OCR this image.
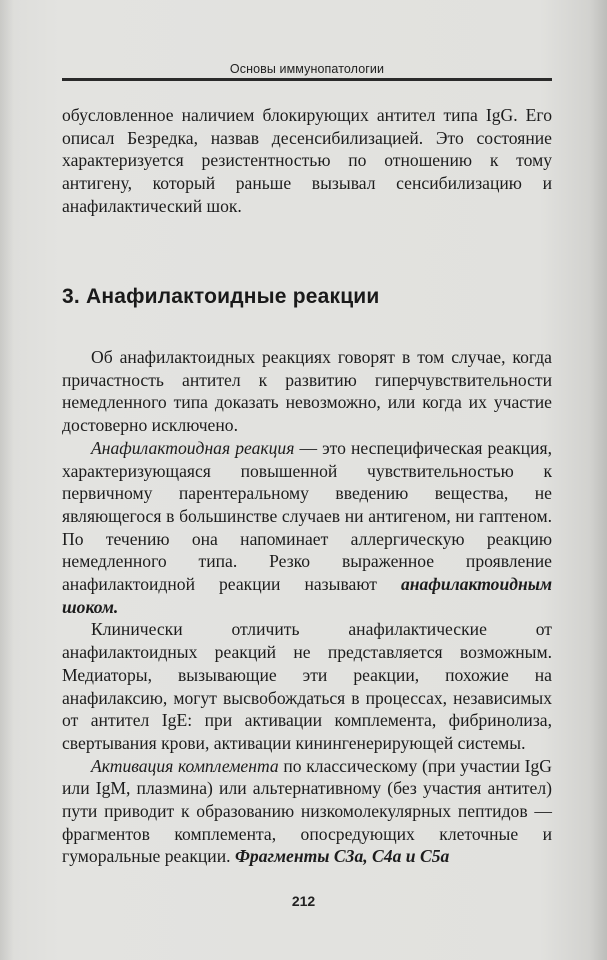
Основы иммунопатологии

обусловленное наличием блокирующих антител типа IgG. Его описал Безредка, назвав десенсибилизацией. Это состояние характеризуется резистентностью по отношению к тому антигену, который раньше вызывал сенсибилизацию и анафилактический шок.

3. Анафилактоидные реакции

Об анафилактоидных реакциях говорят в том случае, когда причастность антител к развитию гиперчувствительности немедленного типа доказать невозможно, или когда их участие достоверно исключено.

Анафилактоидная реакция — это неспецифическая реакция, характеризующаяся повышенной чувствительностью к первичному парентеральному введению вещества, не являющегося в большинстве случаев ни антигеном, ни гаптеном. По течению она напоминает аллергическую реакцию немедленного типа. Резко выраженное проявление анафилактоидной реакции называют анафилактоидным шоком.

Клинически отличить анафилактические от анафилактоидных реакций не представляется возможным. Медиаторы, вызывающие эти реакции, похожие на анафилаксию, могут высвобождаться в процессах, независимых от антител IgE: при активации комплемента, фибринолиза, свертывания крови, активации кинингенерирующей системы.

Активация комплемента по классическому (при участии IgG или IgM, плазмина) или альтернативному (без участия антител) пути приводит к образованию низкомолекулярных пептидов — фрагментов комплемента, опосредующих клеточные и гуморальные реакции. Фрагменты C3a, C4a и C5a

212
